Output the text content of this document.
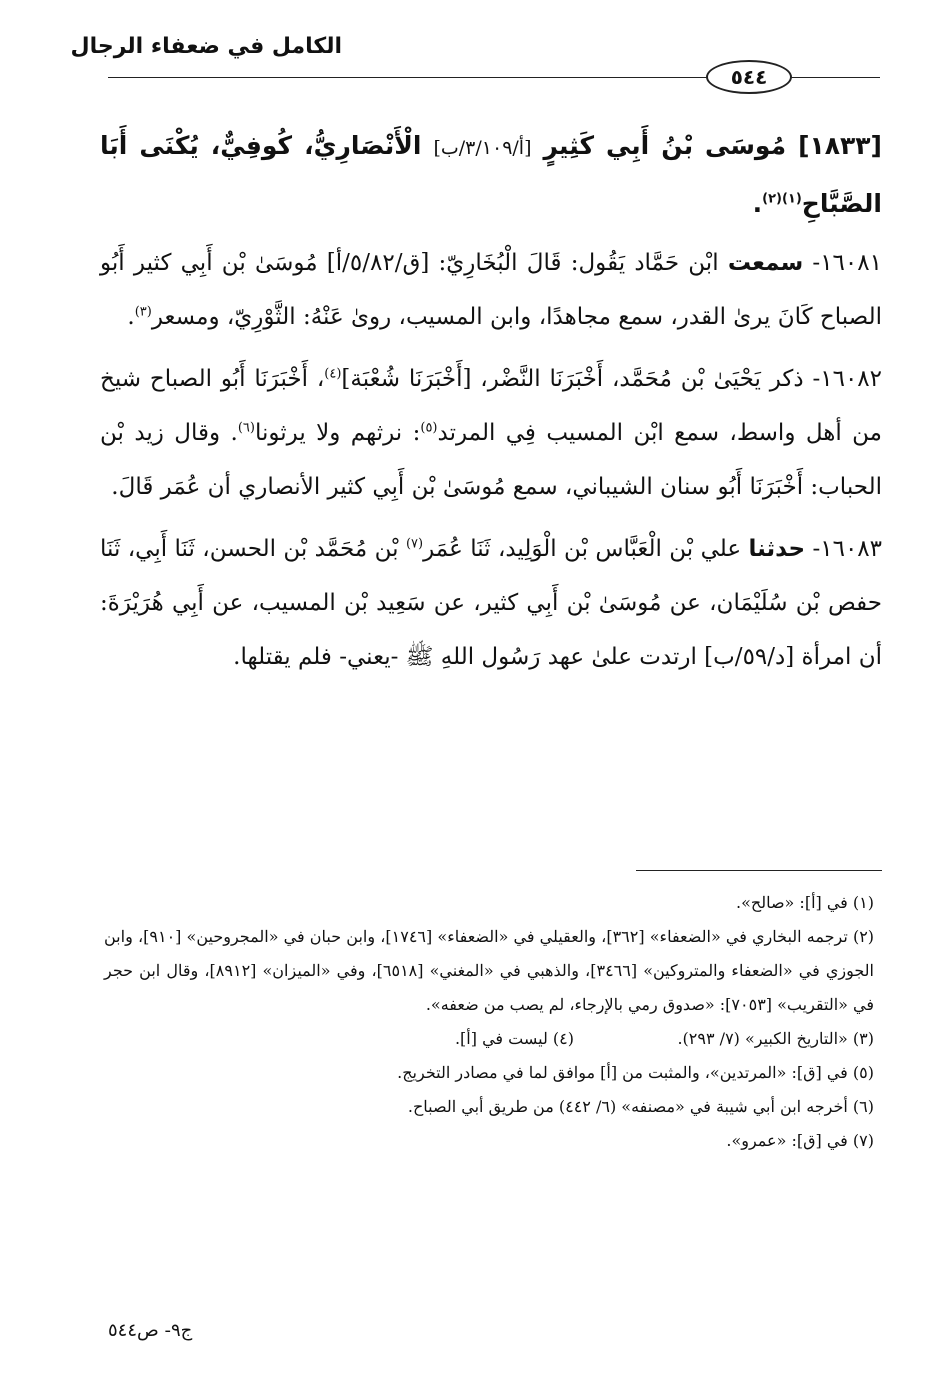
الكامل في ضعفاء الرجال
٥٤٤

[١٨٣٣] مُوسَى بْنُ أَبِي كَثِيرٍ [أ/٣/١٠٩/ب] الْأَنْصَارِيُّ، كُوفِيٌّ، يُكْنَى أَبَا الصَّبَّاحِ$^{(١)(٢)}$.

١٦٠٨١- سمعت ابْن حَمَّاد يَقُول: قَالَ الْبُخَارِيّ: [ق/٥/٨٢/أ] مُوسَىٰ بْن أَبِي كثير أَبُو الصباح كَانَ يرىٰ القدر، سمع مجاهدًا، وابن المسيب، روىٰ عَنْهُ: الثَّوْرِيّ، ومسعر$^{(٣)}$.

١٦٠٨٢- ذكر يَحْيَىٰ بْن مُحَمَّد، أَخْبَرَنَا النَّضْر، [أَخْبَرَنَا شُعْبَة]$^{(٤)}$، أَخْبَرَنَا أَبُو الصباح شيخ من أهل واسط، سمع ابْن المسيب فِي المرتد$^{(٥)}$: نرثهم ولا يرثونا$^{(٦)}$. وقال زيد بْن الحباب: أَخْبَرَنَا أَبُو سنان الشيباني، سمع مُوسَىٰ بْن أَبِي كثير الأنصاري أن عُمَر قَالَ.

١٦٠٨٣- حدثنا علي بْن الْعَبَّاس بْن الْوَلِيد، ثَنَا عُمَر$^{(٧)}$ بْن مُحَمَّد بْن الحسن، ثَنَا أَبِي، ثَنَا حفص بْن سُلَيْمَان، عن مُوسَىٰ بْن أَبِي كثير، عن سَعِيد بْن المسيب، عن أَبِي هُرَيْرَةَ: أن امرأة [د/٥٩/ب] ارتدت علىٰ عهد رَسُول اللهِ ﷺ -يعني- فلم يقتلها.

(١) في [أ]: «صالح».

(٢) ترجمه البخاري في «الضعفاء» [٣٦٢]، والعقيلي في «الضعفاء» [١٧٤٦]، وابن حبان في «المجروحين» [٩١٠]، وابن الجوزي في «الضعفاء والمتروكين» [٣٤٦٦]، والذهبي في «المغني» [٦٥١٨]، وفي «الميزان» [٨٩١٢]، وقال ابن حجر في «التقريب» [٧٠٥٣]: «صدوق رمي بالإرجاء، لم يصب من ضعفه».

(٣) «التاريخ الكبير» (٧/ ٢٩٣).

(٤) ليست في [أ].

(٥) في [ق]: «المرتدين»، والمثبت من [أ] موافق لما في مصادر التخريج.

(٦) أخرجه ابن أبي شيبة في «مصنفه» (٦/ ٤٤٢) من طريق أبي الصباح.

(٧) في [ق]: «عمرو».

ج٩- ص٥٤٤
